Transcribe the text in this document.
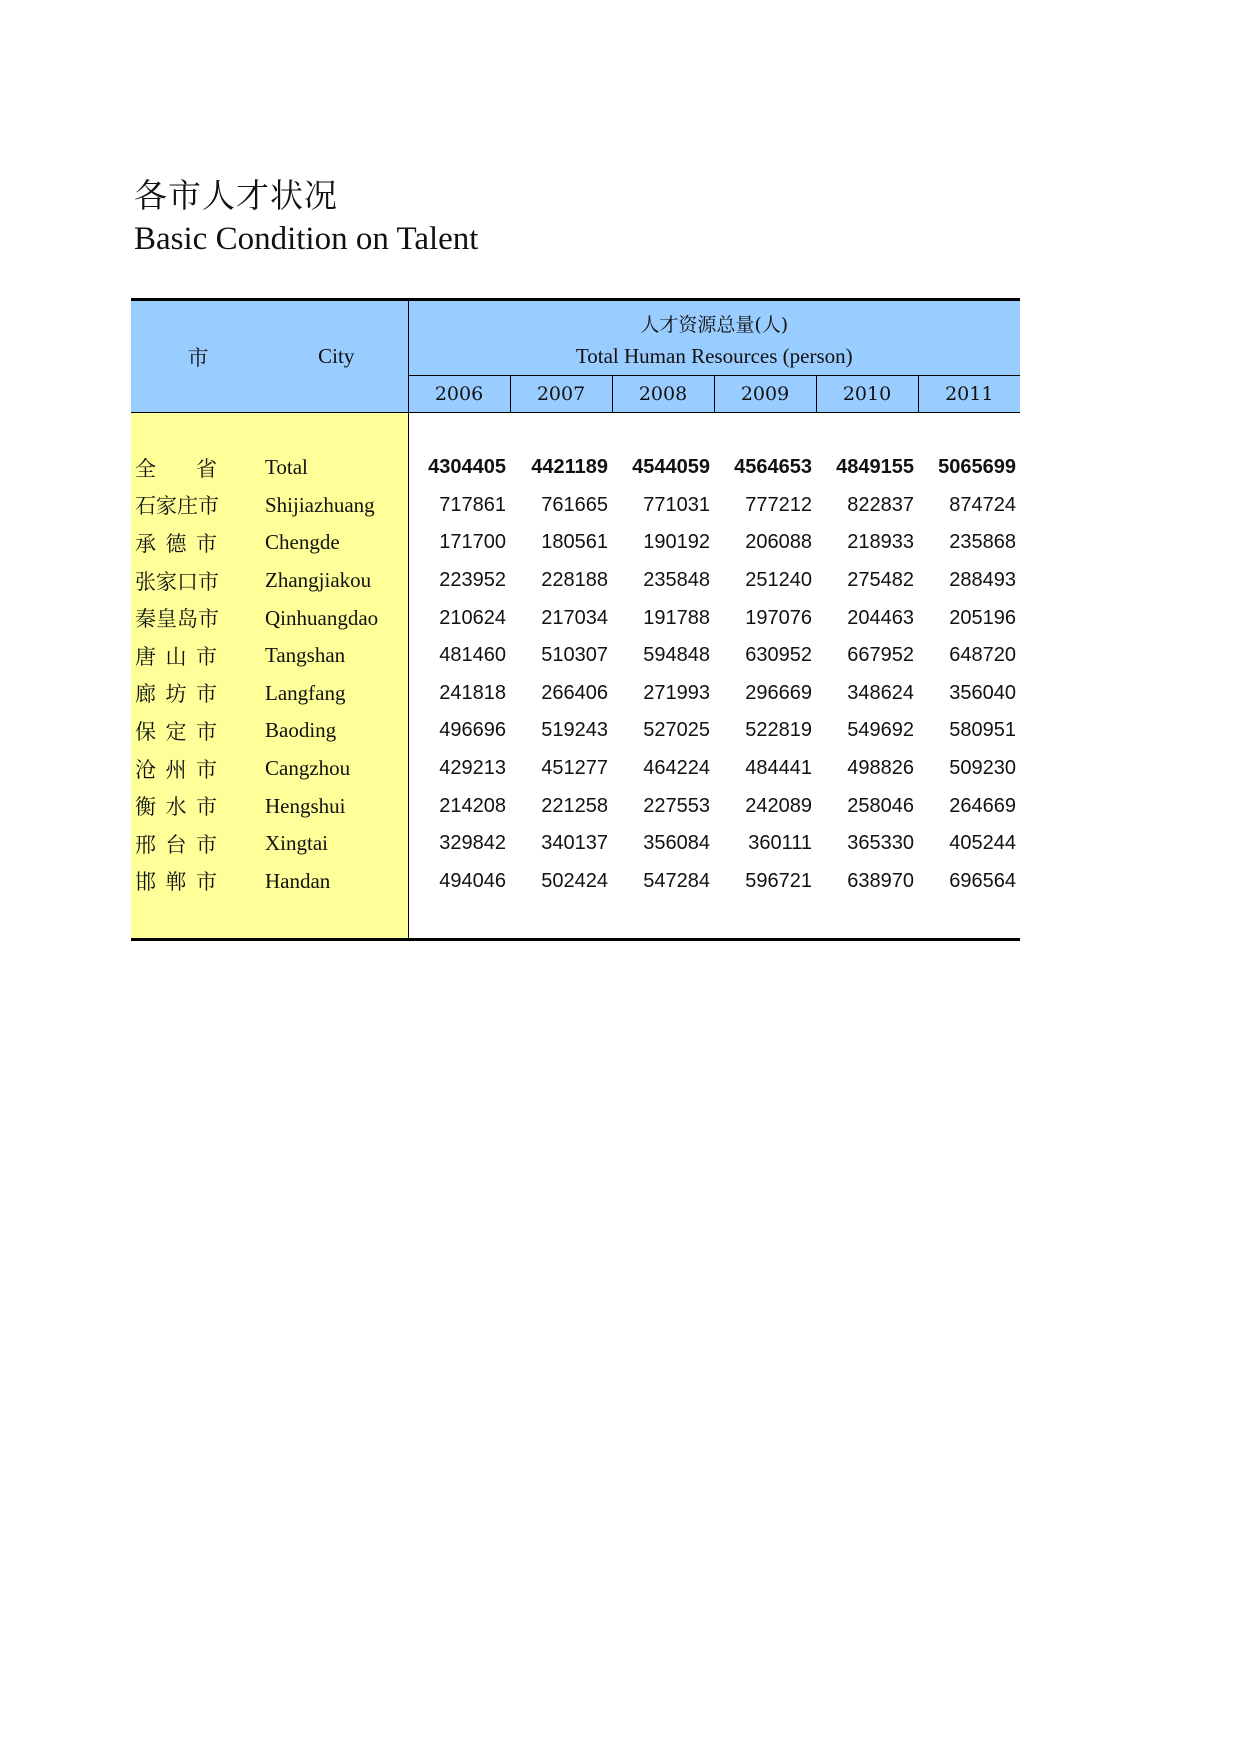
各市人才状况
Basic Condition on Talent
市	City	人才资源总量(人)					
		Total Human Resources (person)					
		2006	2007	2008	2009	2010	2011

全 省	Total	4304405	4421189	4544059	4564653	4849155	5065699
石家庄市	Shijiazhuang	717861	761665	771031	777212	822837	874724

承 德 市	Chengde	171700	180561	190192	206088	218933	235868
张家口市	Zhangjiakou	223952	228188	235848	251240	275482	288493
秦皇岛市	Qinhuangdao	210624	217034	191788	197076	204463	205196

唐 山 市	Tangshan	481460	510307	594848	630952	667952	648720

廊 坊 市	Langfang	241818	266406	271993	296669	348624	356040

保 定 市	Baoding	496696	519243	527025	522819	549692	580951

沧 州 市	Cangzhou	429213	451277	464224	484441	498826	509230

衡 水 市	Hengshui	214208	221258	227553	242089	258046	264669

邢 台 市	Xingtai	329842	340137	356084	360111	365330	405244

邯 郸 市	Handan	494046	502424	547284	596721	638970	696564
